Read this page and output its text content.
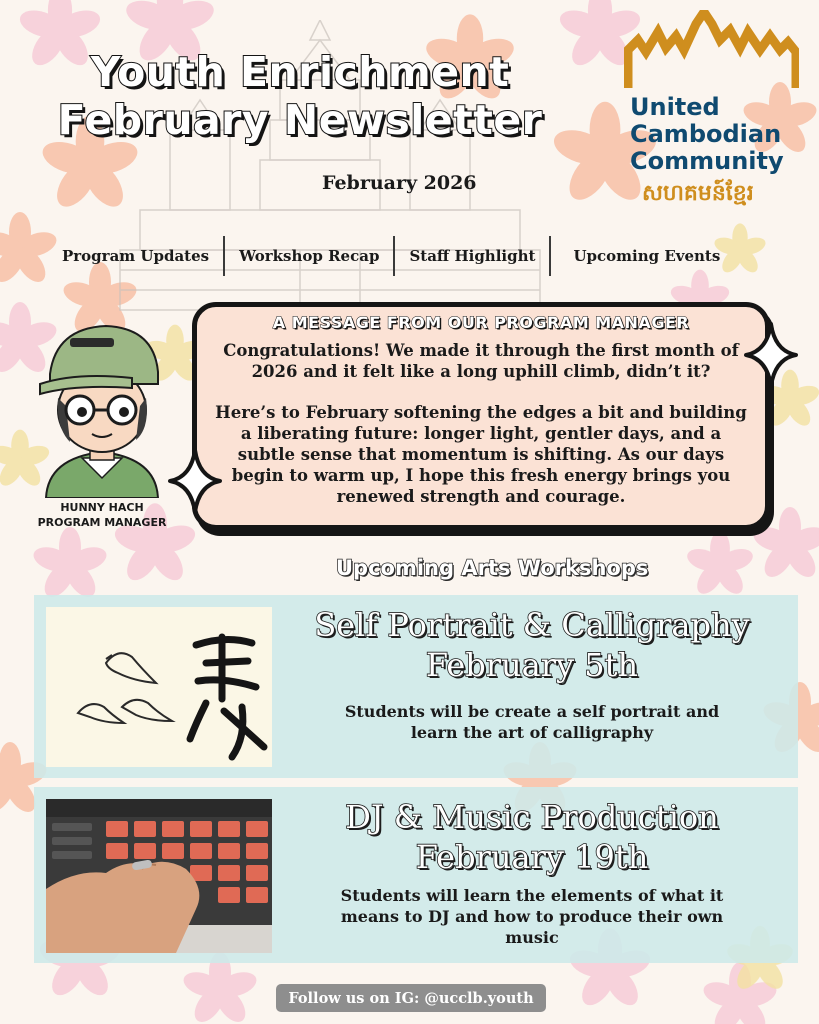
Youth Enrichment
February Newsletter
February 2026
United
Cambodian
Community
សហគមន៍ខ្មែរ
Program Updates	Workshop Recap	Staff Highlight	Upcoming Events
HUNNY HACH
PROGRAM MANAGER
A MESSAGE FROM OUR PROGRAM MANAGER

Congratulations! We made it through the first month of 2026 and it felt like a long uphill climb, didn’t it?

Here’s to February softening the edges a bit and building a liberating future: longer light, gentler days, and a subtle sense that momentum is shifting. As our days begin to warm up, I hope this fresh energy brings you renewed strength and courage.

Upcoming Arts Workshops
Self Portrait & Calligraphy
February 5th
Students will be create a self portrait and learn the art of calligraphy
DJ & Music Production
February 19th
Students will learn the elements of what it means to DJ and how to produce their own music
Follow us on IG: @ucclb.youth
